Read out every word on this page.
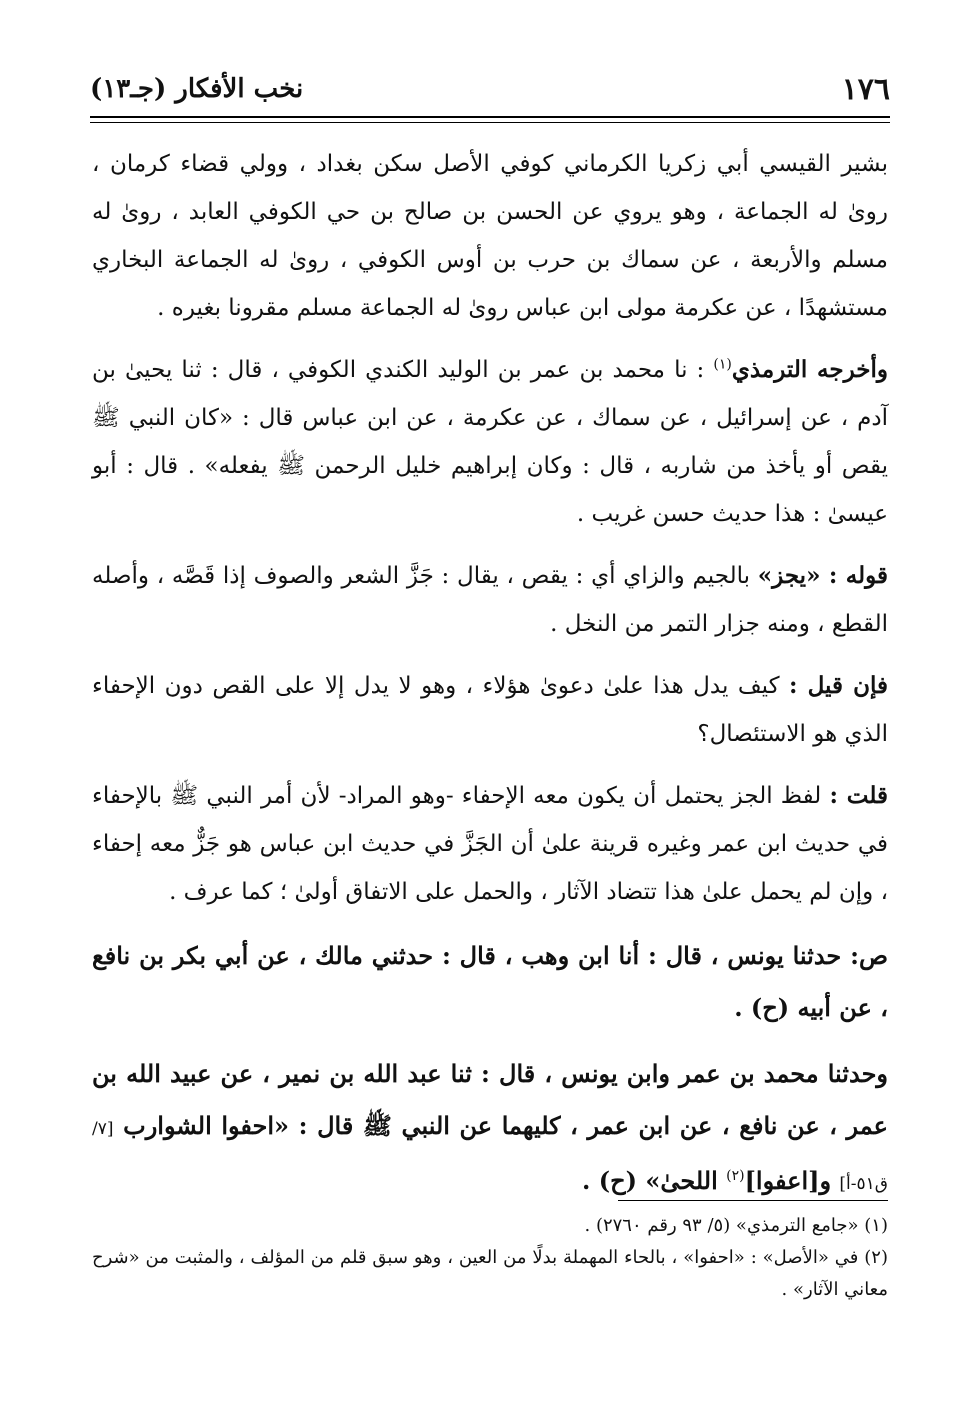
١٧٦
نخب الأفكار (جـ١٣)

بشير القيسي أبي زكريا الكرماني كوفي الأصل سكن بغداد ، وولي قضاء كرمان ، روىٰ له الجماعة ، وهو يروي عن الحسن بن صالح بن حي الكوفي العابد ، روىٰ له مسلم والأربعة ، عن سماك بن حرب بن أوس الكوفي ، روىٰ له الجماعة البخاري مستشهدًا ، عن عكرمة مولى ابن عباس روىٰ له الجماعة مسلم مقرونا بغيره .

وأخرجه الترمذي$^{(١)}$ : نا محمد بن عمر بن الوليد الكندي الكوفي ، قال : ثنا يحيىٰ بن آدم ، عن إسرائيل ، عن سماك ، عن عكرمة ، عن ابن عباس قال : «كان النبي ﷺ يقص أو يأخذ من شاربه ، قال : وكان إبراهيم خليل الرحمن ﷺ يفعله» . قال : أبو عيسىٰ : هذا حديث حسن غريب .

قوله : «يجز» بالجيم والزاي أي : يقص ، يقال : جَزَّ الشعر والصوف إذا قَصَّه ، وأصله القطع ، ومنه جزار التمر من النخل .

فإن قيل : كيف يدل هذا علىٰ دعوىٰ هؤلاء ، وهو لا يدل إلا على القص دون الإحفاء الذي هو الاستئصال؟

قلت : لفظ الجز يحتمل أن يكون معه الإحفاء -وهو المراد- لأن أمر النبي ﷺ بالإحفاء في حديث ابن عمر وغيره قرينة علىٰ أن الجَزَّ في حديث ابن عباس هو جَزٌّ معه إحفاء ، وإن لم يحمل علىٰ هذا تتضاد الآثار ، والحمل على الاتفاق أولىٰ ؛ كما عرف .

ص: حدثنا يونس ، قال : أنا ابن وهب ، قال : حدثني مالك ، عن أبي بكر بن نافع ، عن أبيه (ح) .

وحدثنا محمد بن عمر وابن يونس ، قال : ثنا عبد الله بن نمير ، عن عبيد الله بن عمر ، عن نافع ، عن ابن عمر ، كليهما عن النبي ﷺ قال : «احفوا الشوارب [٧/ ق٥١-أ] و[اعفوا]$^{(٢)}$ اللحىٰ» (ح) .

(١) «جامع الترمذي» (٥/ ٩٣ رقم ٢٧٦٠) .

(٢) في «الأصل» : «احفوا» ، بالحاء المهملة بدلًا من العين ، وهو سبق قلم من المؤلف ، والمثبت من «شرح معاني الآثار» .
